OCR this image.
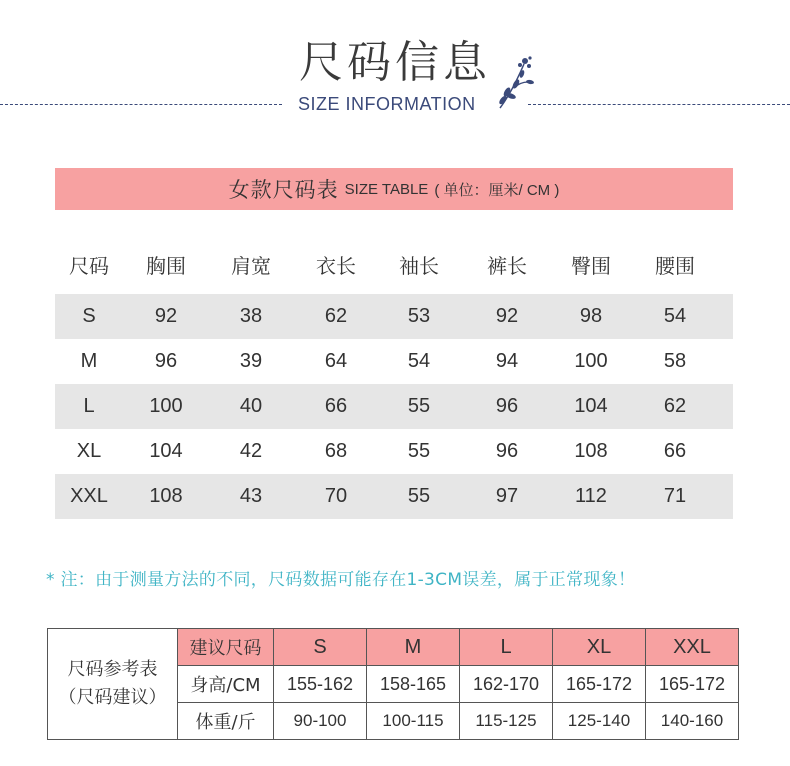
尺码信息
SIZE INFORMATION
女款尺码表 SIZE TABLE ( 单位：厘米/ CM )
尺码	胸围	肩宽	衣长	袖长	裤长	臀围	腰围
S	92	38	62	53	92	98	54
M	96	39	64	54	94	100	58
L	100	40	66	55	96	104	62
XL	104	42	68	55	96	108	66
XXL	108	43	70	55	97	112	71
* 注：由于测量方法的不同，尺码数据可能存在1-3CM误差，属于正常现象！
尺码参考表
（尺码建议）
建议尺码	S	M	L	XL	XXL
身高/CM	155-162	158-165	162-170	165-172	165-172
体重/斤	90-100	100-115	115-125	125-140	140-160
